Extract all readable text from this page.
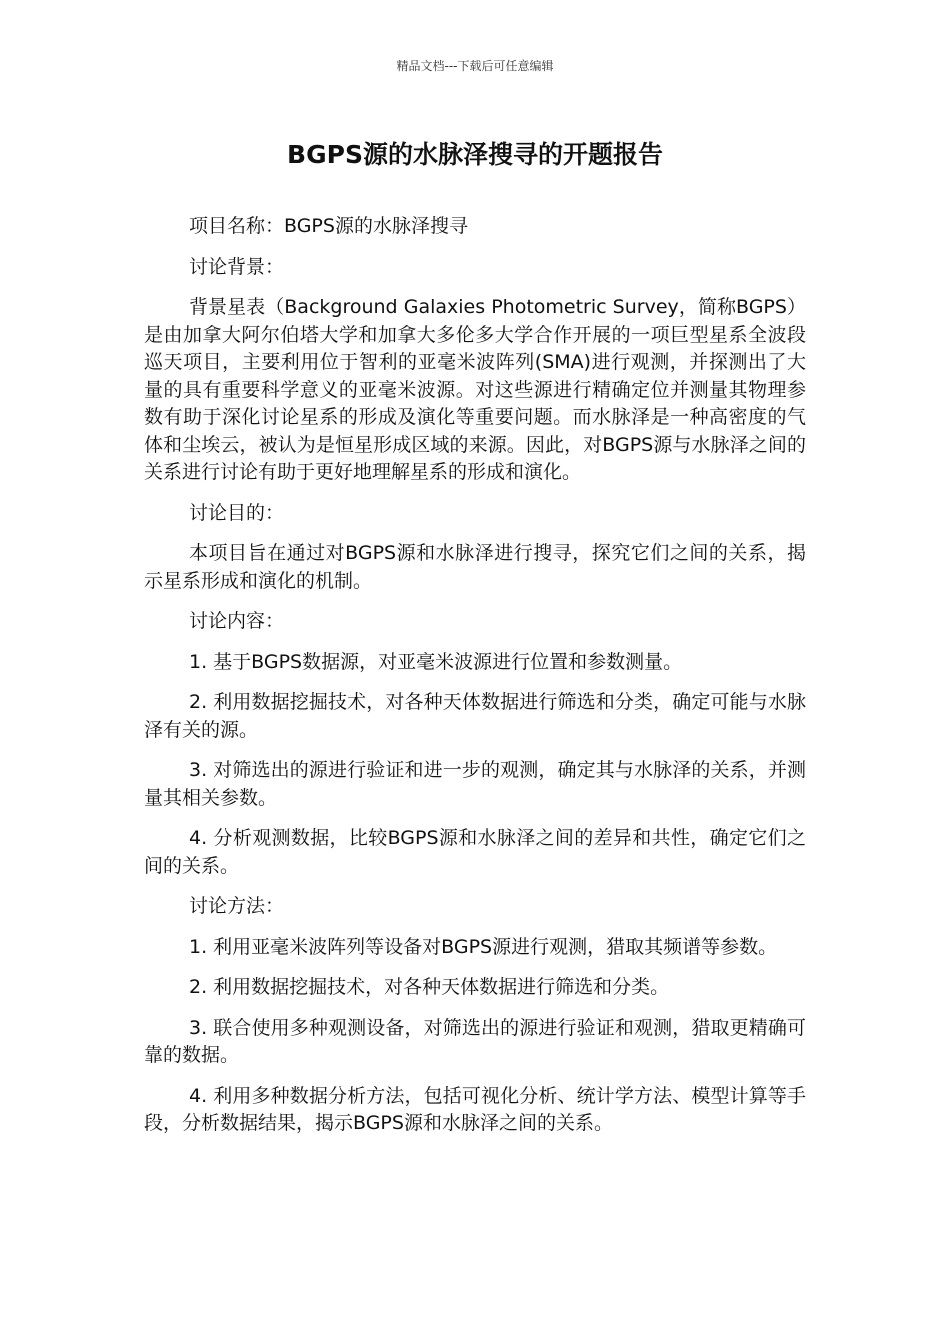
精品文档---下载后可任意编辑
BGPS源的水脉泽搜寻的开题报告

项目名称：BGPS源的水脉泽搜寻

讨论背景：

背景星表（Background Galaxies Photometric Survey，简称BGPS）是由加拿大阿尔伯塔大学和加拿大多伦多大学合作开展的一项巨型星系全波段巡天项目，主要利用位于智利的亚毫米波阵列(SMA)进行观测，并探测出了大量的具有重要科学意义的亚毫米波源。对这些源进行精确定位并测量其物理参数有助于深化讨论星系的形成及演化等重要问题。而水脉泽是一种高密度的气体和尘埃云，被认为是恒星形成区域的来源。因此，对BGPS源与水脉泽之间的关系进行讨论有助于更好地理解星系的形成和演化。

讨论目的：

本项目旨在通过对BGPS源和水脉泽进行搜寻，探究它们之间的关系，揭示星系形成和演化的机制。

讨论内容：

1. 基于BGPS数据源，对亚毫米波源进行位置和参数测量。

2. 利用数据挖掘技术，对各种天体数据进行筛选和分类，确定可能与水脉泽有关的源。

3. 对筛选出的源进行验证和进一步的观测，确定其与水脉泽的关系，并测量其相关参数。

4. 分析观测数据，比较BGPS源和水脉泽之间的差异和共性，确定它们之间的关系。

讨论方法：

1. 利用亚毫米波阵列等设备对BGPS源进行观测，猎取其频谱等参数。

2. 利用数据挖掘技术，对各种天体数据进行筛选和分类。

3. 联合使用多种观测设备，对筛选出的源进行验证和观测，猎取更精确可靠的数据。

4. 利用多种数据分析方法，包括可视化分析、统计学方法、模型计算等手段，分析数据结果，揭示BGPS源和水脉泽之间的关系。
